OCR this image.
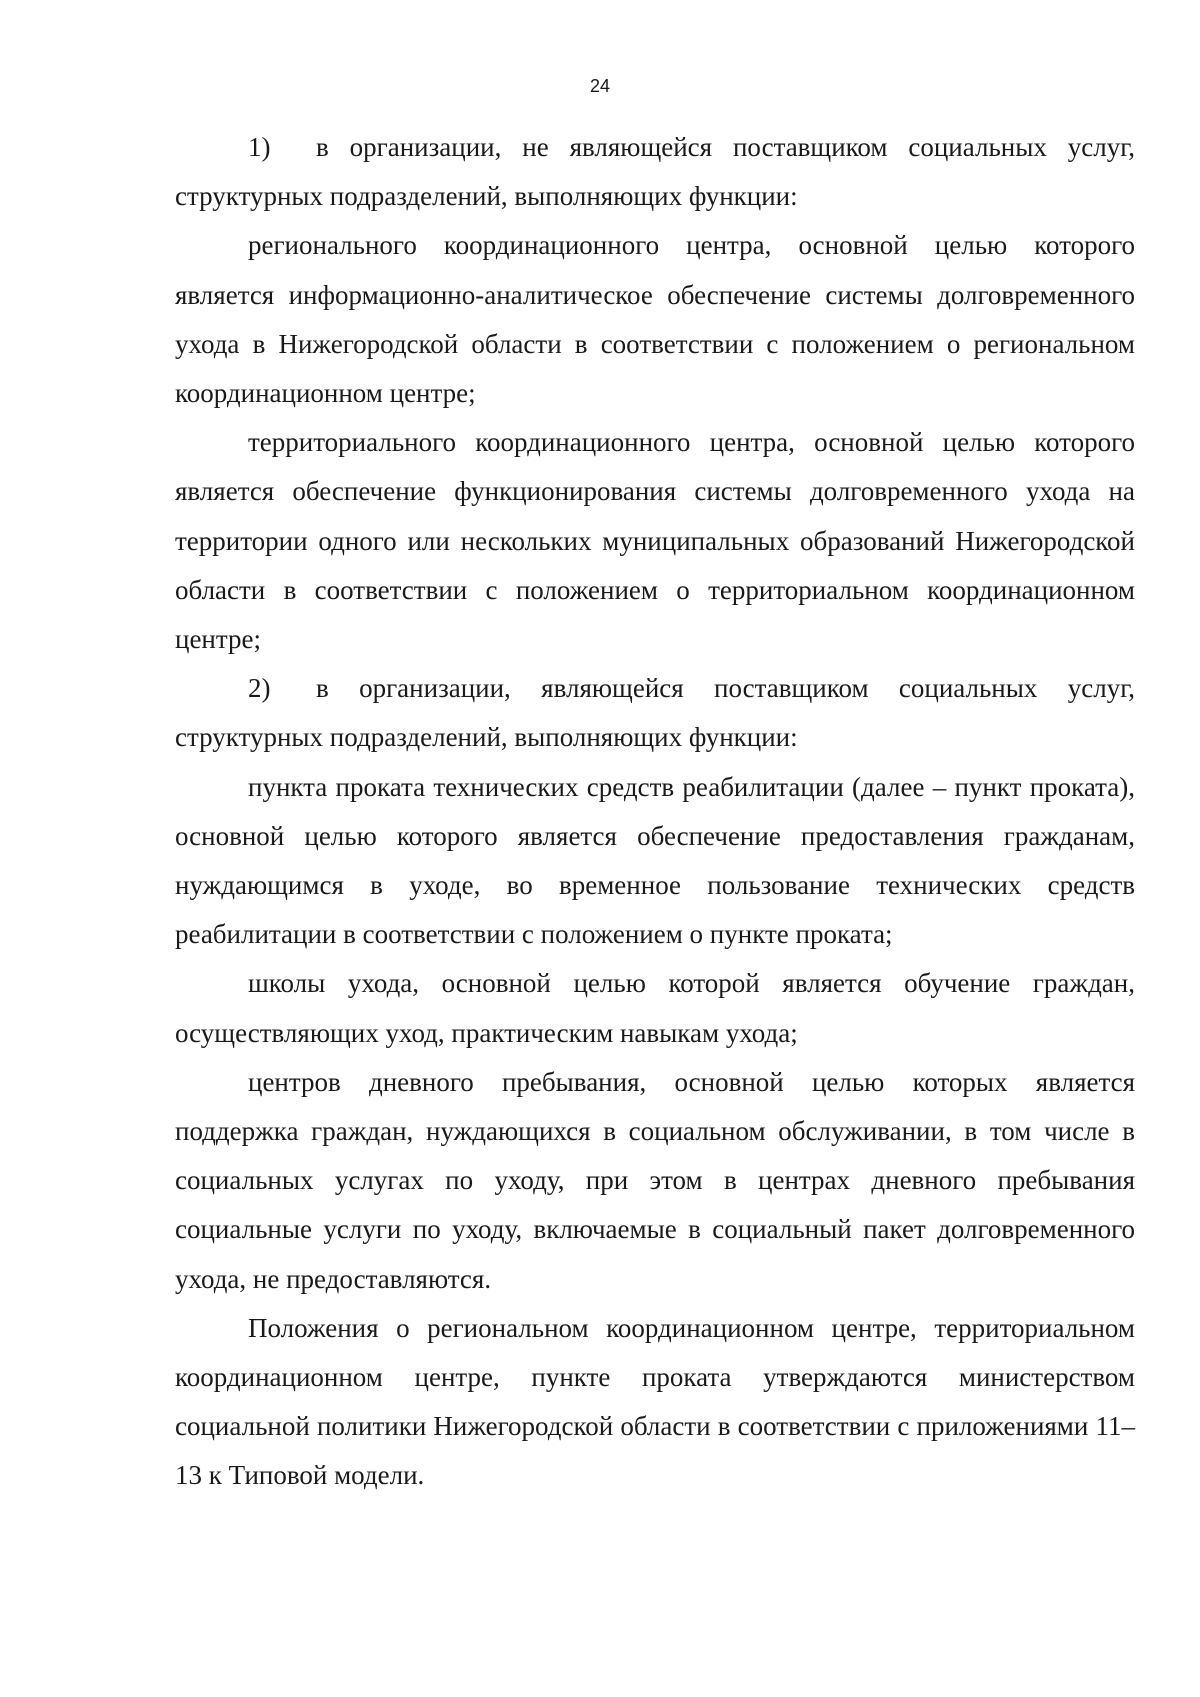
24

1) в организации, не являющейся поставщиком социальных услуг, структурных подразделений, выполняющих функции:

регионального координационного центра, основной целью которого является информационно-аналитическое обеспечение системы долговременного ухода в Нижегородской области в соответствии с положением о региональном координационном центре;

территориального координационного центра, основной целью которого является обеспечение функционирования системы долговременного ухода на территории одного или нескольких муниципальных образований Нижегородской области в соответствии с положением о территориальном координационном центре;

2) в организации, являющейся поставщиком социальных услуг, структурных подразделений, выполняющих функции:

пункта проката технических средств реабилитации (далее – пункт проката), основной целью которого является обеспечение предоставления гражданам, нуждающимся в уходе, во временное пользование технических средств реабилитации в соответствии с положением о пункте проката;

школы ухода, основной целью которой является обучение граждан, осуществляющих уход, практическим навыкам ухода;

центров дневного пребывания, основной целью которых является поддержка граждан, нуждающихся в социальном обслуживании, в том числе в социальных услугах по уходу, при этом в центрах дневного пребывания социальные услуги по уходу, включаемые в социальный пакет долговременного ухода, не предоставляются.

Положения о региональном координационном центре, территориальном координационном центре, пункте проката утверждаются министерством социальной политики Нижегородской области в соответствии с приложениями 11–13 к Типовой модели.
